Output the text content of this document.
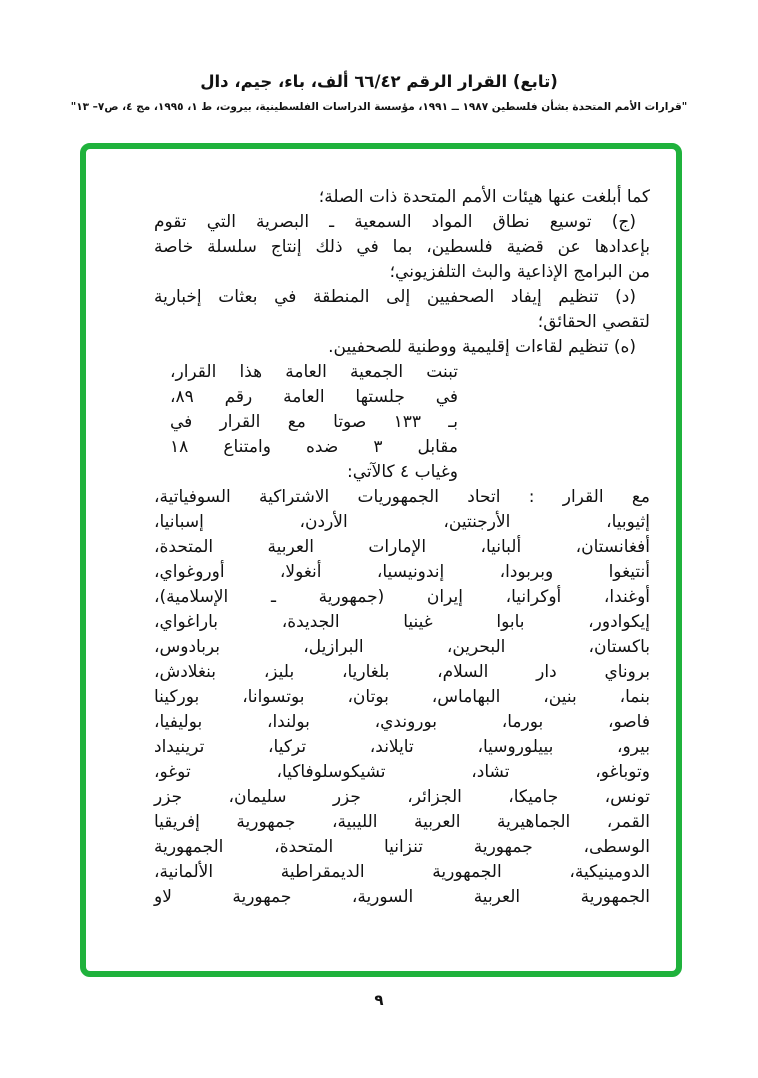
(تابع) القرار الرقم ٦٦/٤٢ ألف، باء، جيم، دال
"قرارات الأمم المتحدة بشأن فلسطين ١٩٨٧ ــ ١٩٩١، مؤسسة الدراسات الفلسطينية، بيروت، ط ١، ١٩٩٥، مج ٤، ص٧– ١٣"
كما أبلغت عنها هيئات الأمم المتحدة ذات الصلة؛
(ج) توسيع نطاق المواد السمعية ـ البصرية التي تقوم
بإعدادها عن قضية فلسطين، بما في ذلك إنتاج سلسلة خاصة
من البرامج الإذاعية والبث التلفزيوني؛
(د) تنظيم إيفاد الصحفيين إلى المنطقة في بعثات إخبارية
لتقصي الحقائق؛
(ه) تنظيم لقاءات إقليمية ووطنية للصحفيين.
تبنت الجمعية العامة هذا القرار،
في جلستها العامة رقم ٨٩،
بـ ١٣٣ صوتا مع القرار في
مقابل ٣ ضده وامتناع ١٨
وغياب ٤ كالآتي:
مع القرار : اتحاد الجمهوريات الاشتراكية السوفياتية،
إثيوبيا، الأرجنتين، الأردن، إسبانيا،
أفغانستان، ألبانيا، الإمارات العربية المتحدة،
أنتيغوا وبربودا، إندونيسيا، أنغولا، أوروغواي،
أوغندا، أوكرانيا، إيران (جمهورية ـ الإسلامية)،
إيكوادور، بابوا غينيا الجديدة، باراغواي،
باكستان، البحرين، البرازيل، بربادوس،
بروناي دار السلام، بلغاريا، بليز، بنغلادش،
بنما، بنين، البهاماس، بوتان، بوتسوانا، بوركينا
فاصو، بورما، بوروندي، بولندا، بوليفيا،
بيرو، بييلوروسيا، تايلاند، تركيا، ترينيداد
وتوباغو، تشاد، تشيكوسلوفاكيا، توغو،
تونس، جاميكا، الجزائر، جزر سليمان، جزر
القمر، الجماهيرية العربية الليبية، جمهورية إفريقيا
الوسطى، جمهورية تنزانيا المتحدة، الجمهورية
الدومينيكية، الجمهورية الديمقراطية الألمانية،
الجمهورية العربية السورية، جمهورية لاو
٩
